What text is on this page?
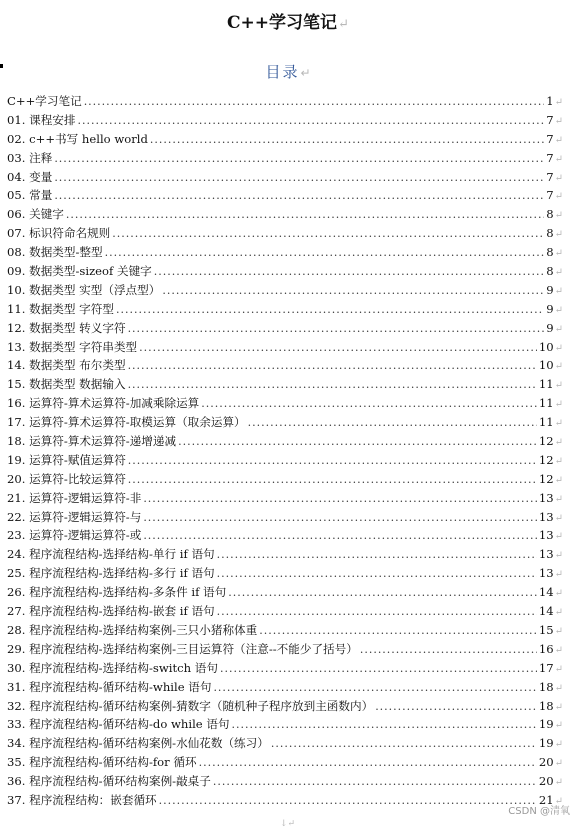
C++学习笔记↵
目录↵
C++学习笔记 .....	1 ↵
01. 课程安排 .....	7 ↵
02. c++书写 hello world .....	7 ↵
03. 注释 .....	7 ↵
04. 变量 .....	7 ↵
05. 常量 .....	7 ↵
06. 关键字 .....	8 ↵
07. 标识符命名规则 .....	8 ↵
08. 数据类型-整型 .....	8 ↵
09. 数据类型-sizeof 关键字 .....	8 ↵
10. 数据类型 实型（浮点型） .....	9 ↵
11. 数据类型 字符型 .....	9 ↵
12. 数据类型 转义字符 .....	9 ↵
13. 数据类型 字符串类型 .....	10 ↵
14. 数据类型 布尔类型 .....	10 ↵
15. 数据类型 数据输入 .....	11 ↵
16. 运算符-算术运算符-加减乘除运算 .....	11 ↵
17. 运算符-算术运算符-取模运算（取余运算） .....	11 ↵
18. 运算符-算术运算符-递增递减 .....	12 ↵
19. 运算符-赋值运算符 .....	12 ↵
20. 运算符-比较运算符 .....	12 ↵
21. 运算符-逻辑运算符-非 .....	13 ↵
22. 运算符-逻辑运算符-与 .....	13 ↵
23. 运算符-逻辑运算符-或 .....	13 ↵
24. 程序流程结构-选择结构-单行 if 语句 .....	13 ↵
25. 程序流程结构-选择结构-多行 if 语句 .....	13 ↵
26. 程序流程结构-选择结构-多条件 if 语句 .....	14 ↵
27. 程序流程结构-选择结构-嵌套 if 语句 .....	14 ↵
28. 程序流程结构-选择结构案例-三只小猪称体重 .....	15 ↵
29. 程序流程结构-选择结构案例-三目运算符（注意--不能少了括号） .....	16 ↵
30. 程序流程结构-选择结构-switch 语句 .....	17 ↵
31. 程序流程结构-循环结构-while 语句 .....	18 ↵
32. 程序流程结构-循环结构案例-猜数字（随机种子程序放到主函数内） .....	18 ↵
33. 程序流程结构-循环结构-do while 语句 .....	19 ↵
34. 程序流程结构-循环结构案例-水仙花数（练习） .....	19 ↵
35. 程序流程结构-循环结构-for 循环 .....	20 ↵
36. 程序流程结构-循环结构案例-敲桌子 .....	20 ↵
37. 程序流程结构：嵌套循环 .....	21 ↵
CSDN @清氧
↓↵
